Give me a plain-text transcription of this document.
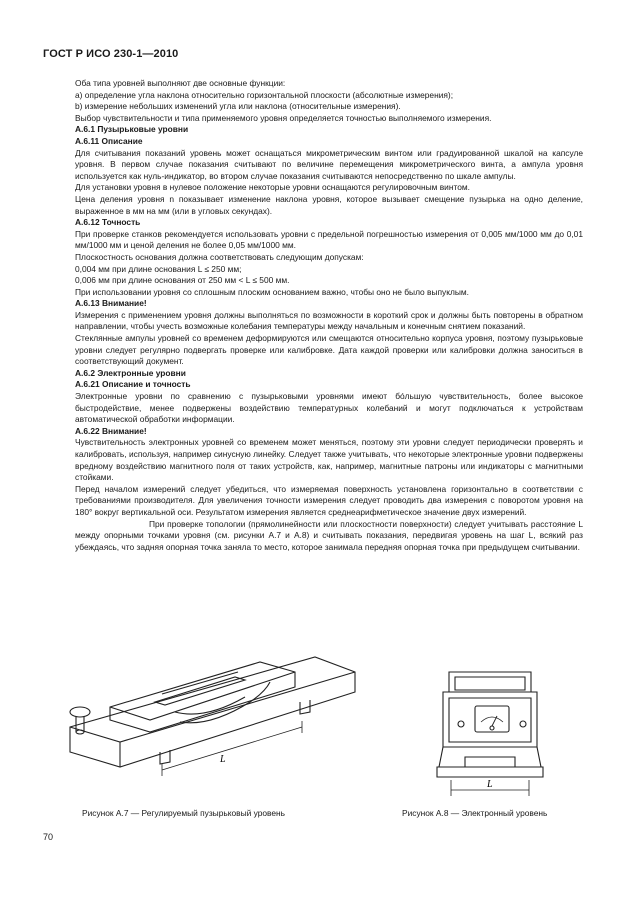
ГОСТ Р ИСО 230-1—2010

Оба типа уровней выполняют две основные функции:

а) определение угла наклона относительно горизонтальной плоскости (абсолютные измерения);

b) измерение небольших изменений угла или наклона (относительные измерения).

Выбор чувствительности и типа применяемого уровня определяется точностью выполняемого измерения.

А.6.1 Пузырьковые уровни

А.6.11 Описание

Для считывания показаний уровень может оснащаться микрометрическим винтом или градуированной шкалой на капсуле уровня. В первом случае показания считывают по величине перемещения микрометрического винта, а ампула уровня используется как нуль-индикатор, во втором случае показания считываются непосредственно по шкале ампулы.

Для установки уровня в нулевое положение некоторые уровни оснащаются регулировочным винтом.

Цена деления уровня n показывает изменение наклона уровня, которое вызывает смещение пузырька на одно деление, выраженное в мм на мм (или в угловых секундах).

А.6.12 Точность

При проверке станков рекомендуется использовать уровни с предельной погрешностью измерения от 0,005 мм/1000 мм до 0,01 мм/1000 мм и ценой деления не более 0,05 мм/1000 мм.

Плоскостность основания должна соответствовать следующим допускам:

0,004 мм при длине основания L ≤ 250 мм;

0,006 мм при длине основания от 250 мм < L ≤ 500 мм.

При использовании уровня со сплошным плоским основанием важно, чтобы оно не было выпуклым.

А.6.13 Внимание!

Измерения с применением уровня должны выполняться по возможности в короткий срок и должны быть повторены в обратном направлении, чтобы учесть возможные колебания температуры между начальным и конечным снятием показаний.

Стеклянные ампулы уровней со временем деформируются или смещаются относительно корпуса уровня, поэтому пузырьковые уровни следует регулярно подвергать проверке или калибровке. Дата каждой проверки или калибровки должна заноситься в соответствующий документ.

А.6.2 Электронные уровни

А.6.21 Описание и точность

Электронные уровни по сравнению с пузырьковыми уровнями имеют бóльшую чувствительность, более высокое быстродействие, менее подвержены воздействию температурных колебаний и могут подключаться к устройствам автоматической обработки информации.

А.6.22 Внимание!

Чувствительность электронных уровней со временем может меняться, поэтому эти уровни следует периодически проверять и калибровать, используя, например синусную линейку. Следует также учитывать, что некоторые электронные уровни подвержены вредному воздействию магнитного поля от таких устройств, как, например, магнитные патроны или индикаторы с магнитными стойками.

Перед началом измерений следует убедиться, что измеряемая поверхность установлена горизонтально в соответствии с требованиями производителя. Для увеличения точности измерения следует проводить два измерения с поворотом уровня на 180° вокруг вертикальной оси. Результатом измерения является среднеарифметическое значение двух измерений.

При проверке топологии (прямолинейности или плоскостности поверхности) следует учитывать расстояние L между опорными точками уровня (см. рисунки А.7 и А.8) и считывать показания, передвигая уровень на шаг L, всякий раз убеждаясь, что задняя опорная точка заняла то место, которое занимала передняя опорная точка при предыдущем считывании.

L
L
Рисунок А.7 — Регулируемый пузырьковый уровень	Рисунок А.8 — Электронный уровень
70
